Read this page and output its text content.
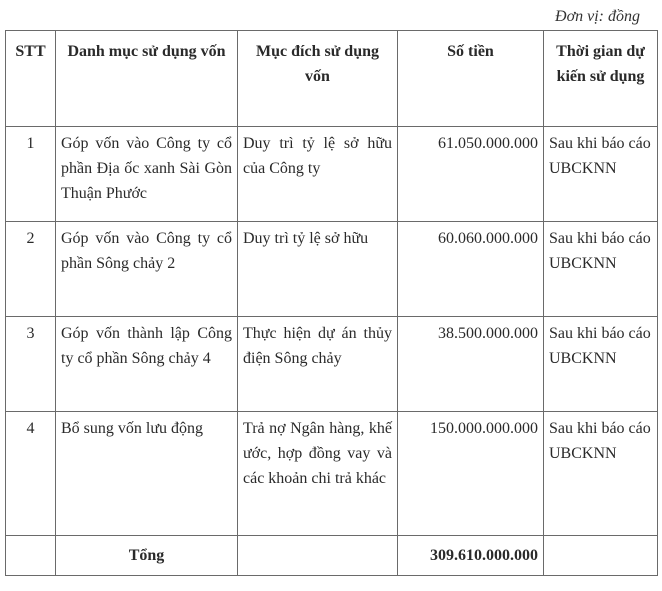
Đơn vị: đồng
STT	Danh mục sử dụng vốn	Mục đích sử dụng vốn	Số tiền	Thời gian dự kiến sử dụng
1	Góp vốn vào Công ty cổ phần Địa ốc xanh Sài Gòn Thuận Phước	Duy trì tỷ lệ sở hữu của Công ty	61.050.000.000	Sau khi báo cáo UBCKNN
2	Góp vốn vào Công ty cổ phần Sông chảy 2	Duy trì tỷ lệ sở hữu	60.060.000.000	Sau khi báo cáo UBCKNN
3	Góp vốn thành lập Công ty cổ phần Sông chảy 4	Thực hiện dự án thủy điện Sông chảy	38.500.000.000	Sau khi báo cáo UBCKNN
4	Bổ sung vốn lưu động	Trả nợ Ngân hàng, khế ước, hợp đồng vay và các khoản chi trả khác	150.000.000.000	Sau khi báo cáo UBCKNN
	Tổng		309.610.000.000	
